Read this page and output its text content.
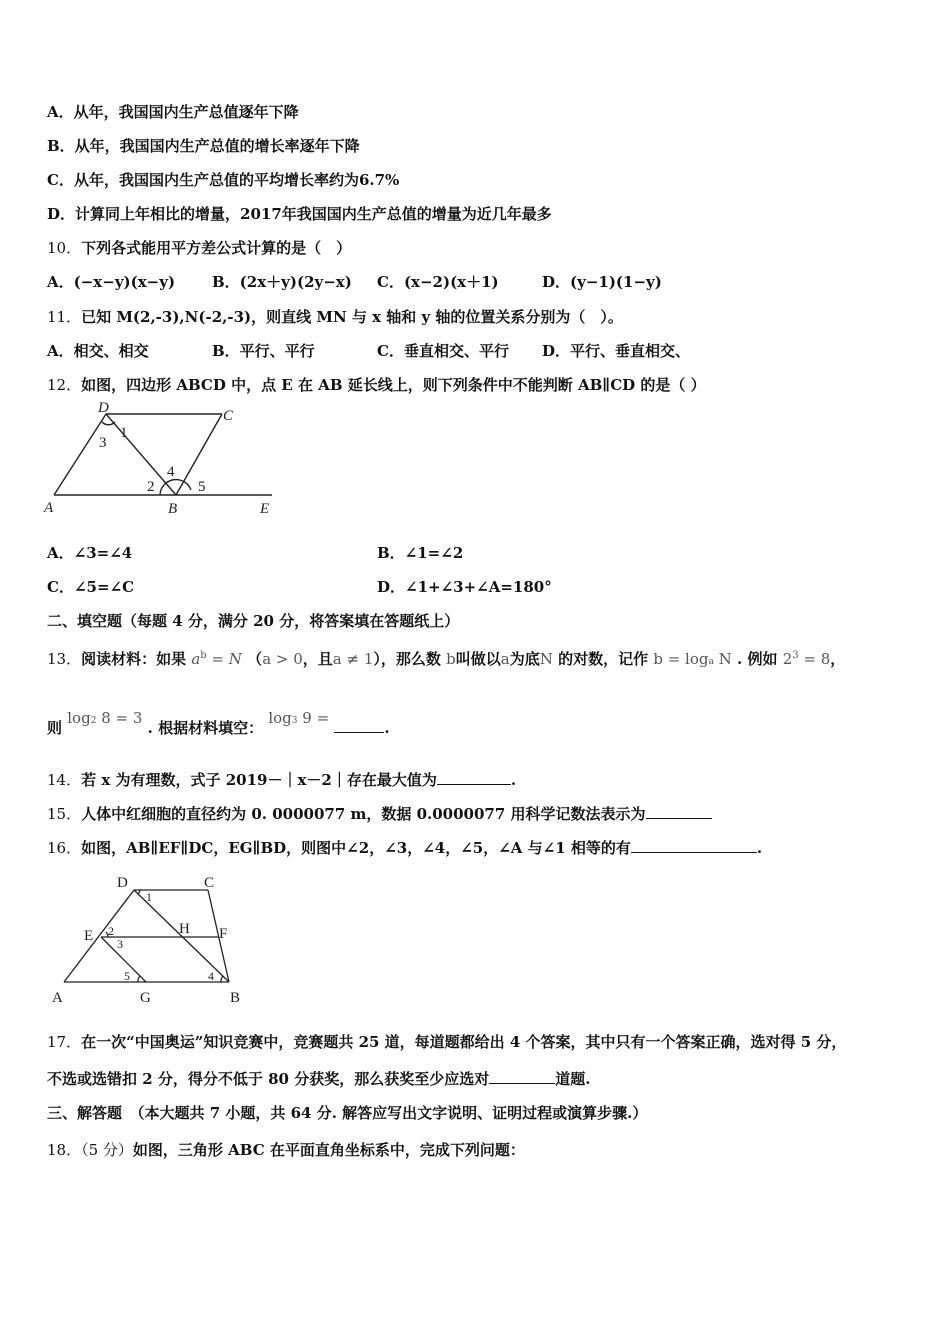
A．从年，我国国内生产总值逐年下降
B．从年，我国国内生产总值的增长率逐年下降
C．从年，我国国内生产总值的平均增长率约为6.7%
D．计算同上年相比的增量，2017年我国国内生产总值的增量为近几年最多
10．下列各式能用平方差公式计算的是（　）
A．(−x−y)(x−y) B．(2x＋y)(2y−x) C．(x−2)(x＋1)	D．(y−1)(1−y)
11．已知 M(2,-3),N(-2,-3)，则直线 MN 与 x 轴和 y 轴的位置关系分别为（　）。
A．相交、相交	B．平行、平行	C．垂直相交、平行 D．平行、垂直相交、
12．如图，四边形 ABCD 中，点 E 在 AB 延长线上，则下列条件中不能判断 AB∥CD 的是（ ）
D	C
1
3
4
2	5
A	B	E
A．∠3=∠4	B．∠1=∠2
C．∠5=∠C	D．∠1+∠3+∠A=180°
二、填空题（每题 4 分，满分 20 分，将答案填在答题纸上）
13．阅读材料：如果 $a^b = N$ （a > 0，且a ≠ 1），那么数 b叫做以a为底N 的对数，记作 b = loga N . 例如 $2^3 = 8$，
则 log2 8 = 3 . 根据材料填空： log3 9 = .
14．若 x 为有理数，式子 2019－｜x－2｜存在最大值为	.
15．人体中红细胞的直径约为 0. 0000077 m，数据 0.0000077 用科学记数法表示为
16．如图，AB∥EF∥DC，EG∥BD，则图中∠2，∠3，∠4，∠5，∠A 与∠1 相等的有	.
D	C
1
E 2
3
H F
5	4
A	G	B
17．在一次“中国奥运”知识竞赛中，竞赛题共 25 道，每道题都给出 4 个答案，其中只有一个答案正确，选对得 5 分，
不选或选错扣 2 分，得分不低于 80 分获奖，那么获奖至少应选对	道题.
三、解答题　（本大题共 7 小题，共 64 分. 解答应写出文字说明、证明过程或演算步骤.）
18．（5 分）如图，三角形 ABC 在平面直角坐标系中，完成下列问题：
